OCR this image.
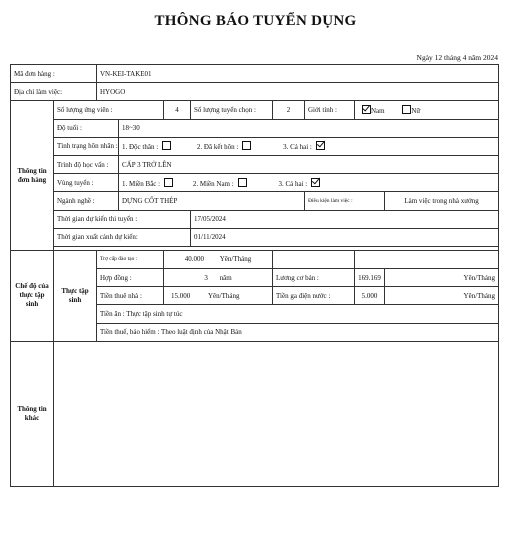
THÔNG BÁO TUYỂN DỤNG
Ngày 12 tháng 4 năm 2024
Mã đơn hàng :		VN-KEI-TAKE01							
Địa chỉ làm việc:		HYOGO							
Thông tin đơn hàng	Số lượng ứng viên :			4	Số lượng tuyển chọn :	2	Giới tính :	Nam Nữ	
	Độ tuổi :		18~30						
	Tình trạng hôn nhân :		1. Độc thân : 2. Đã kết hôn : 3. Cả hai :						
	Trình độ học vấn :		CẤP 3 TRỞ LÊN						
	Vùng tuyển :		1. Miền Bắc : 2. Miền Nam : 3. Cả hai :						
	Ngành nghề :		DỰNG CỐT THÉP				Điều kiện làm việc :		Làm việc trong nhà xưởng
	Thời gian dự kiến thi tuyển :				17/05/2024				
	Thời gian xuất cảnh dự kiến:				01/11/2024				

Chế độ của thực tập sinh	Thực tập sinh	Trợ cấp đào tạo :		40.000 Yên/Tháng					
		Hợp đồng :		3 năm		Lương cơ bản :		169.169	Yên/Tháng
		Tiền thuê nhà :		15.000 Yên/Tháng		Tiền ga điện nước :		5.000	Yên/Tháng
		Tiền ăn : Thực tập sinh tự túc							
		Tiền thuế, bảo hiểm : Theo luật định của Nhật Bản							
Thông tin khác									
